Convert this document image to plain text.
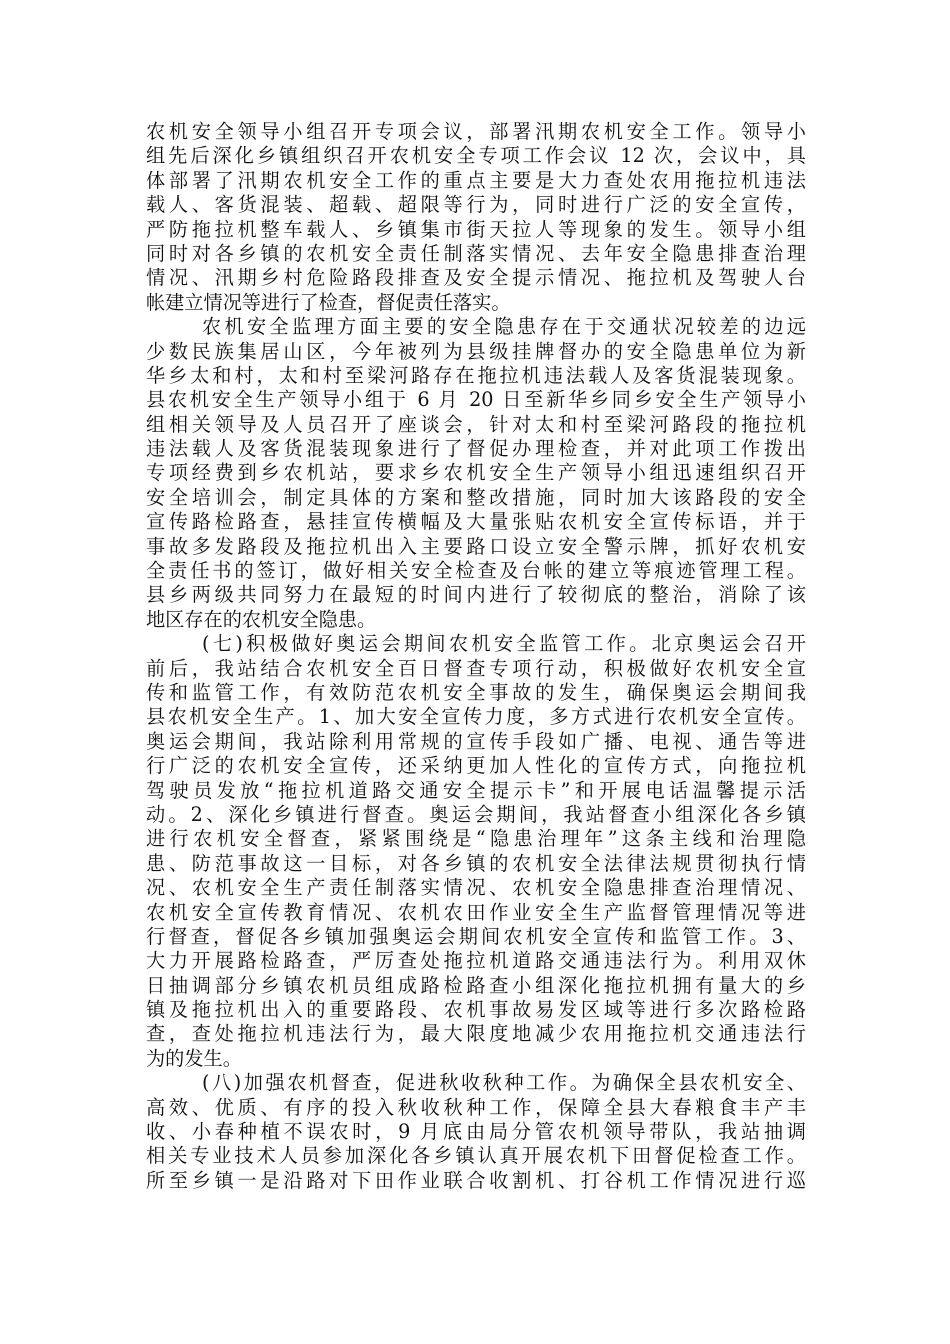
农机安全领导小组召开专项会议，部署汛期农机安全工作。领导小
组先后深化乡镇组织召开农机安全专项工作会议 12 次，会议中，具
体部署了汛期农机安全工作的重点主要是大力查处农用拖拉机违法
载人、客货混装、超载、超限等行为，同时进行广泛的安全宣传，
严防拖拉机整车载人、乡镇集市街天拉人等现象的发生。领导小组
同时对各乡镇的农机安全责任制落实情况、去年安全隐患排查治理
情况、汛期乡村危险路段排查及安全提示情况、拖拉机及驾驶人台
帐建立情况等进行了检查，督促责任落实。
农机安全监理方面主要的安全隐患存在于交通状况较差的边远
少数民族集居山区，今年被列为县级挂牌督办的安全隐患单位为新
华乡太和村，太和村至梁河路存在拖拉机违法载人及客货混装现象。
县农机安全生产领导小组于 6 月 20 日至新华乡同乡安全生产领导小
组相关领导及人员召开了座谈会，针对太和村至梁河路段的拖拉机
违法载人及客货混装现象进行了督促办理检查，并对此项工作拨出
专项经费到乡农机站，要求乡农机安全生产领导小组迅速组织召开
安全培训会，制定具体的方案和整改措施，同时加大该路段的安全
宣传路检路查，悬挂宣传横幅及大量张贴农机安全宣传标语，并于
事故多发路段及拖拉机出入主要路口设立安全警示牌，抓好农机安
全责任书的签订，做好相关安全检查及台帐的建立等痕迹管理工程。
县乡两级共同努力在最短的时间内进行了较彻底的整治，消除了该
地区存在的农机安全隐患。
(七)积极做好奥运会期间农机安全监管工作。北京奥运会召开
前后，我站结合农机安全百日督查专项行动，积极做好农机安全宣
传和监管工作，有效防范农机安全事故的发生，确保奥运会期间我
县农机安全生产。1、加大安全宣传力度，多方式进行农机安全宣传。
奥运会期间，我站除利用常规的宣传手段如广播、电视、通告等进
行广泛的农机安全宣传，还采纳更加人性化的宣传方式，向拖拉机
驾驶员发放“拖拉机道路交通安全提示卡”和开展电话温馨提示活
动。2、深化乡镇进行督查。奥运会期间，我站督查小组深化各乡镇
进行农机安全督查，紧紧围绕是“隐患治理年”这条主线和治理隐
患、防范事故这一目标，对各乡镇的农机安全法律法规贯彻执行情
况、农机安全生产责任制落实情况、农机安全隐患排查治理情况、
农机安全宣传教育情况、农机农田作业安全生产监督管理情况等进
行督查，督促各乡镇加强奥运会期间农机安全宣传和监管工作。3、
大力开展路检路查，严厉查处拖拉机道路交通违法行为。利用双休
日抽调部分乡镇农机员组成路检路查小组深化拖拉机拥有量大的乡
镇及拖拉机出入的重要路段、农机事故易发区域等进行多次路检路
查，查处拖拉机违法行为，最大限度地减少农用拖拉机交通违法行
为的发生。
(八)加强农机督查，促进秋收秋种工作。为确保全县农机安全、
高效、优质、有序的投入秋收秋种工作，保障全县大春粮食丰产丰
收、小春种植不误农时，9 月底由局分管农机领导带队，我站抽调
相关专业技术人员参加深化各乡镇认真开展农机下田督促检查工作。
所至乡镇一是沿路对下田作业联合收割机、打谷机工作情况进行巡
